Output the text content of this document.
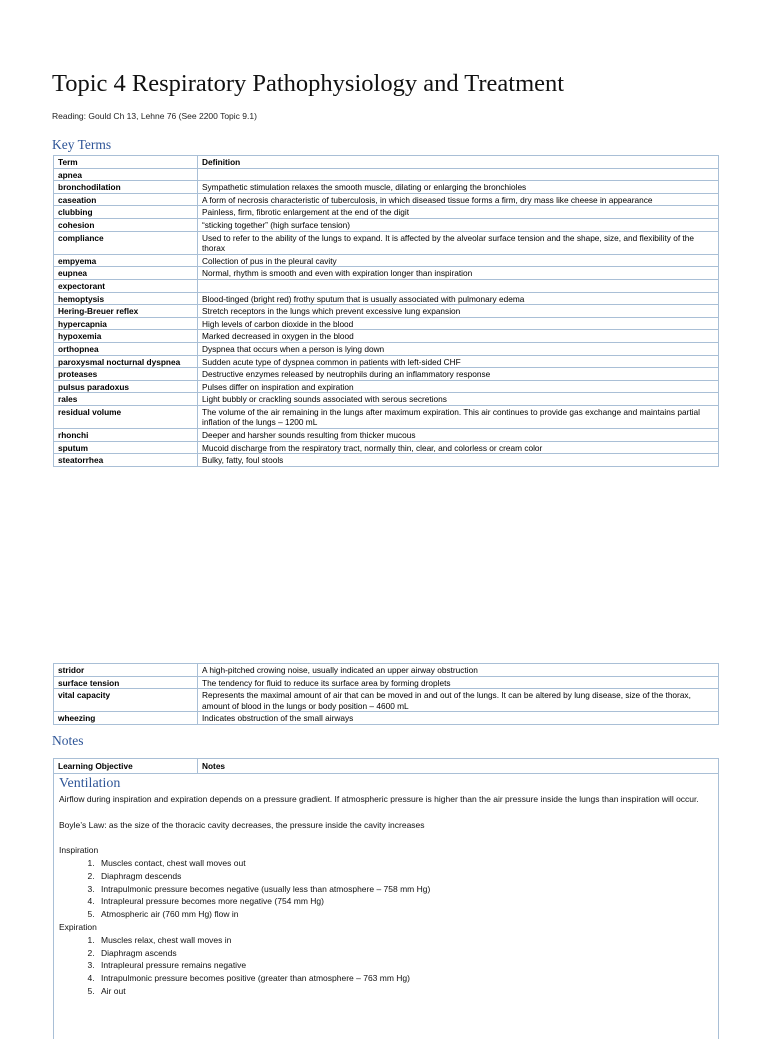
Topic 4 Respiratory Pathophysiology and Treatment
Reading: Gould Ch 13, Lehne 76 (See 2200 Topic 9.1)
Key Terms
Term	Definition
apnea	
bronchodilation	Sympathetic stimulation relaxes the smooth muscle, dilating or enlarging the bronchioles
caseation	A form of necrosis characteristic of tuberculosis, in which diseased tissue forms a firm, dry mass like cheese in appearance
clubbing	Painless, firm, fibrotic enlargement at the end of the digit
cohesion	“sticking together” (high surface tension)
compliance	Used to refer to the ability of the lungs to expand. It is affected by the alveolar surface tension and the shape, size, and flexibility of the thorax
empyema	Collection of pus in the pleural cavity
eupnea	Normal, rhythm is smooth and even with expiration longer than inspiration
expectorant	
hemoptysis	Blood-tinged (bright red) frothy sputum that is usually associated with pulmonary edema
Hering-Breuer reflex	Stretch receptors in the lungs which prevent excessive lung expansion
hypercapnia	High levels of carbon dioxide in the blood
hypoxemia	Marked decreased in oxygen in the blood
orthopnea	Dyspnea that occurs when a person is lying down
paroxysmal nocturnal dyspnea	Sudden acute type of dyspnea common in patients with left-sided CHF
proteases	Destructive enzymes released by neutrophils during an inflammatory response
pulsus paradoxus	Pulses differ on inspiration and expiration
rales	Light bubbly or crackling sounds associated with serous secretions
residual volume	The volume of the air remaining in the lungs after maximum expiration. This air continues to provide gas exchange and maintains partial inflation of the lungs – 1200 mL
rhonchi	Deeper and harsher sounds resulting from thicker mucous
sputum	Mucoid discharge from the respiratory tract, normally thin, clear, and colorless or cream color
steatorrhea	Bulky, fatty, foul stools
stridor	A high-pitched crowing noise, usually indicated an upper airway obstruction
surface tension	The tendency for fluid to reduce its surface area by forming droplets
vital capacity	Represents the maximal amount of air that can be moved in and out of the lungs. It can be altered by lung disease, size of the thorax, amount of blood in the lungs or body position – 4600 mL
wheezing	Indicates obstruction of the small airways
Notes
Learning Objective	Notes
Ventilation

Airflow during inspiration and expiration depends on a pressure gradient. If atmospheric pressure is higher than the air pressure inside the lungs than inspiration will occur.

Boyle’s Law: as the size of the thoracic cavity decreases, the pressure inside the cavity increases

Inspiration
1. Muscles contact, chest wall moves out
2. Diaphragm descends
3. Intrapulmonic pressure becomes negative (usually less than atmosphere – 758 mm Hg)
4. Intrapleural pressure becomes more negative (754 mm Hg)
5. Atmospheric air (760 mm Hg) flow in
Expiration
1. Muscles relax, chest wall moves in
2. Diaphragm ascends
3. Intrapleural pressure remains negative
4. Intrapulmonic pressure becomes positive (greater than atmosphere – 763 mm Hg)
5. Air out
